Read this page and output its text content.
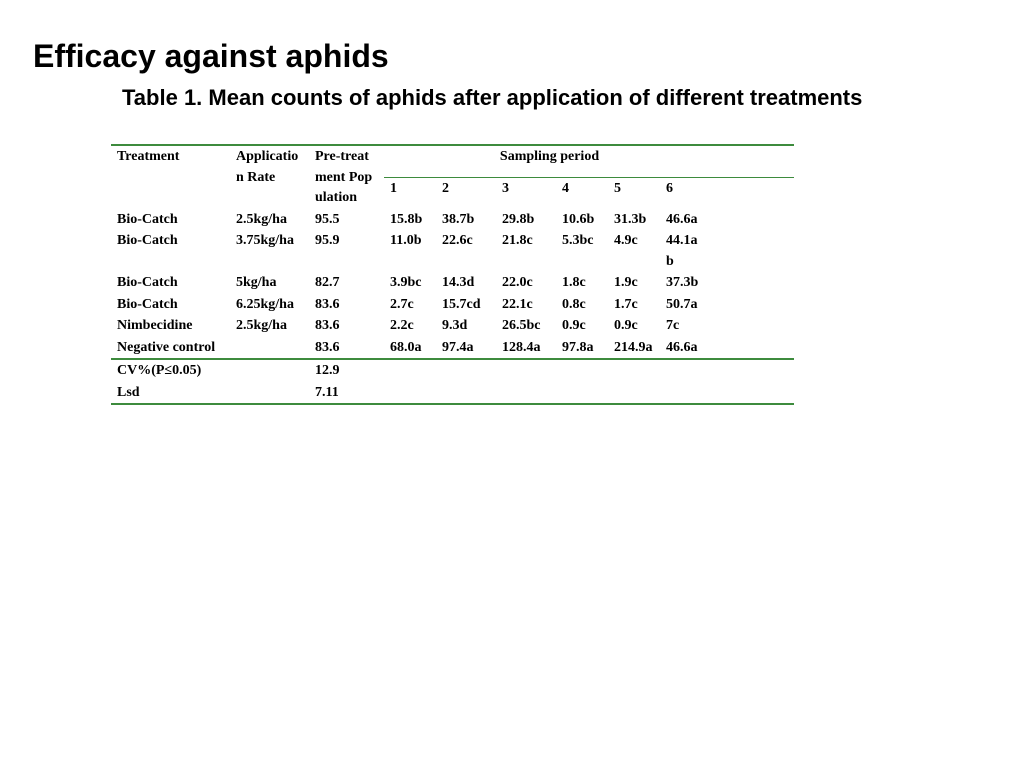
Efficacy against aphids
Table 1. Mean counts of aphids after application of different treatments
Treatment	Application Rate	Pre-treatment Population	Sampling period					
			1	2	3	4	5	6
Bio-Catch	2.5kg/ha	95.5	15.8b	38.7b	29.8b	10.6b	31.3b	46.6a
Bio-Catch	3.75kg/ha	95.9	11.0b	22.6c	21.8c	5.3bc	4.9c	44.1ab
Bio-Catch	5kg/ha	82.7	3.9bc	14.3d	22.0c	1.8c	1.9c	37.3b
Bio-Catch	6.25kg/ha	83.6	2.7c	15.7cd	22.1c	0.8c	1.7c	50.7a
Nimbecidine	2.5kg/ha	83.6	2.2c	9.3d	26.5bc	0.9c	0.9c	7c
Negative control		83.6	68.0a	97.4a	128.4a	97.8a	214.9a	46.6a
CV%(P≤0.05)		12.9						
Lsd		7.11						
